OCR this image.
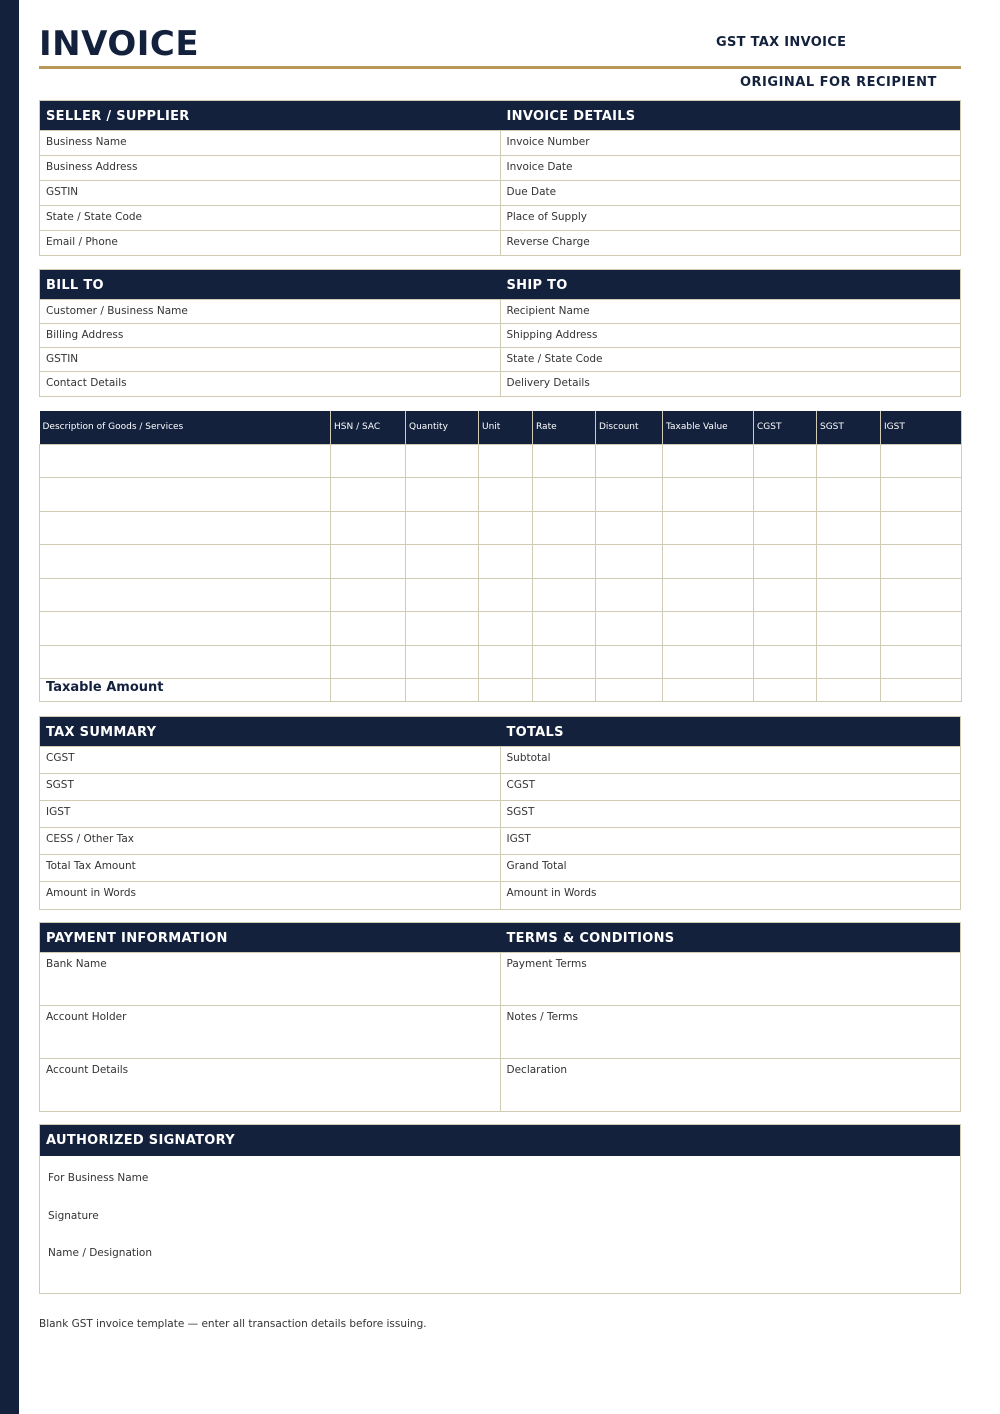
INVOICE	GST TAX INVOICE
ORIGINAL FOR RECIPIENT
SELLER / SUPPLIER	INVOICE DETAILS
Business Name	Invoice Number
Business Address	Invoice Date
GSTIN	Due Date
State / State Code	Place of Supply
Email / Phone	Reverse Charge
BILL TO	SHIP TO
Customer / Business Name	Recipient Name
Billing Address	Shipping Address
GSTIN	State / State Code
Contact Details	Delivery Details
Description of Goods / Services	HSN / SAC	Quantity	Unit	Rate	Discount	Taxable Value	CGST	SGST	IGST

Taxable Amount									
TAX SUMMARY	TOTALS
CGST	Subtotal
SGST	CGST
IGST	SGST
CESS / Other Tax	IGST
Total Tax Amount	Grand Total
Amount in Words	Amount in Words
PAYMENT INFORMATION	TERMS & CONDITIONS
Bank Name	Payment Terms
Account Holder	Notes / Terms
Account Details	Declaration
AUTHORIZED SIGNATORY
For Business Name
Signature
Name / Designation
Blank GST invoice template — enter all transaction details before issuing.
